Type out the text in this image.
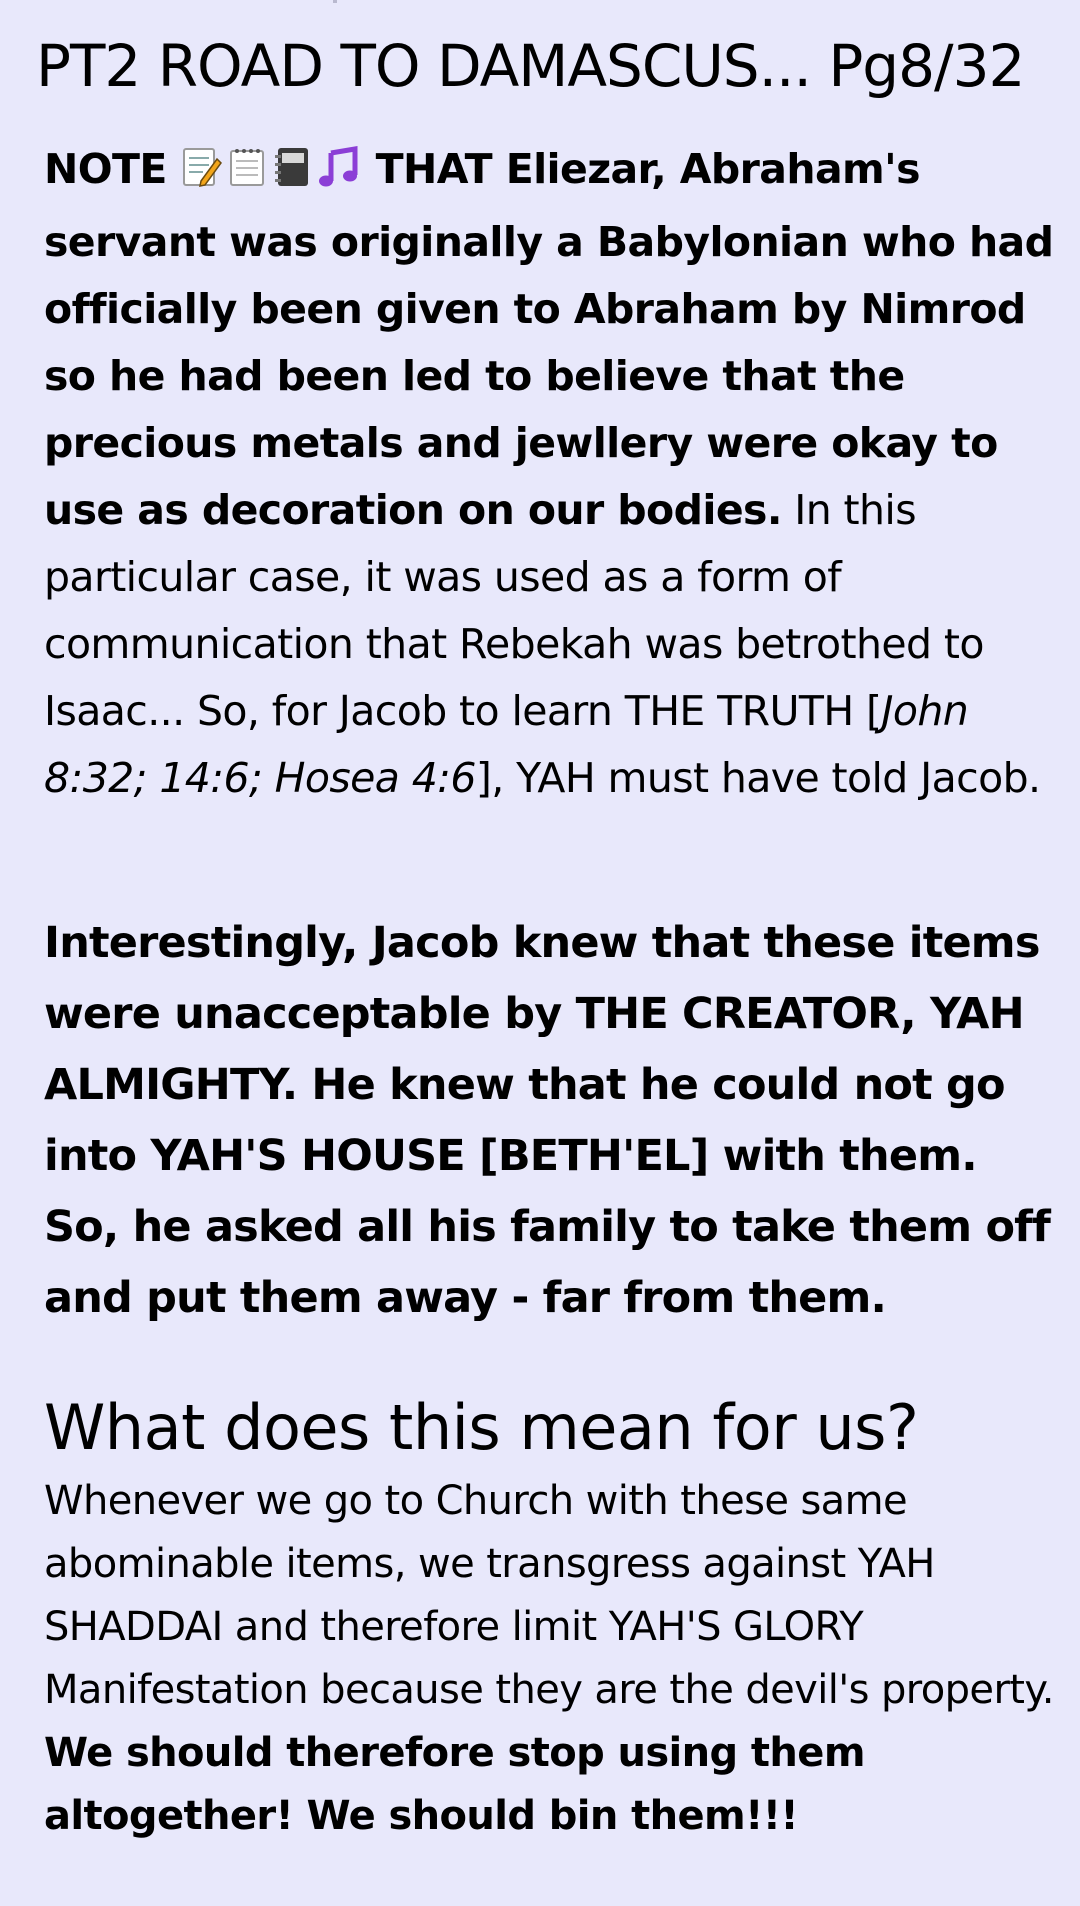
PT2 ROAD TO DAMASCUS... Pg8/32

NOTE	THAT Eliezar, Abraham's servant was originally a Babylonian who had officially been given to Abraham by Nimrod so he had been led to believe that the precious metals and jewllery were okay to use as decoration on our bodies. In this particular case, it was used as a form of communication that Rebekah was betrothed to Isaac... So, for Jacob to learn THE TRUTH [John 8:32; 14:6; Hosea 4:6], YAH must have told Jacob.

Interestingly, Jacob knew that these items were unacceptable by THE CREATOR, YAH ALMIGHTY. He knew that he could not go into YAH'S HOUSE [BETH'EL] with them. So, he asked all his family to take them off and put them away - far from them.

What does this mean for us?

Whenever we go to Church with these same abominable items, we transgress against YAH SHADDAI and therefore limit YAH'S GLORY Manifestation because they are the devil's property. We should therefore stop using them altogether! We should bin them!!!
